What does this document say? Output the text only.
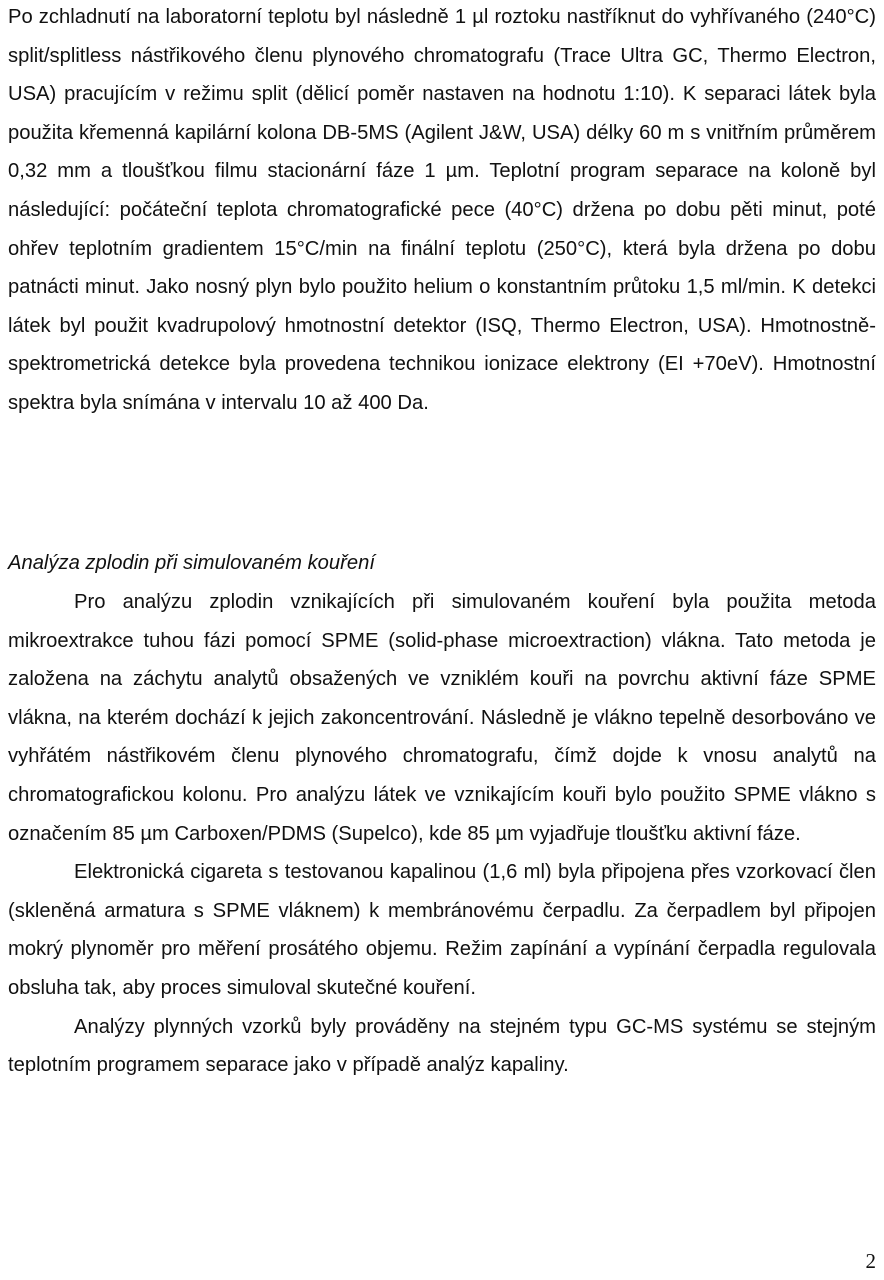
Po zchladnutí na laboratorní teplotu byl následně 1 µl roztoku nastříknut do vyhřívaného (240°C) split/splitless nástřikového členu plynového chromatografu (Trace Ultra GC, Thermo Electron, USA) pracujícím v režimu split (dělicí poměr nastaven na hodnotu 1:10). K separaci látek byla použita křemenná kapilární kolona DB-5MS (Agilent J&W, USA) délky 60 m s vnitřním průměrem 0,32 mm a tloušťkou filmu stacionární fáze 1 µm. Teplotní program separace na koloně byl následující: počáteční teplota chromatografické pece (40°C) držena po dobu pěti minut, poté ohřev teplotním gradientem 15°C/min na finální teplotu (250°C), která byla držena po dobu patnácti minut. Jako nosný plyn bylo použito helium o konstantním průtoku 1,5 ml/min. K detekci látek byl použit kvadrupolový hmotnostní detektor (ISQ, Thermo Electron, USA). Hmotnostně-spektrometrická detekce byla provedena technikou ionizace elektrony (EI +70eV). Hmotnostní spektra byla snímána v intervalu 10 až 400 Da.

Analýza zplodin při simulovaném kouření

Pro analýzu zplodin vznikajících při simulovaném kouření byla použita metoda mikroextrakce tuhou fázi pomocí SPME (solid-phase microextraction) vlákna. Tato metoda je založena na záchytu analytů obsažených ve vzniklém kouři na povrchu aktivní fáze SPME vlákna, na kterém dochází k jejich zakoncentrování. Následně je vlákno tepelně desorbováno ve vyhřátém nástřikovém členu plynového chromatografu, čímž dojde k vnosu analytů na chromatografickou kolonu. Pro analýzu látek ve vznikajícím kouři bylo použito SPME vlákno s označením 85 µm Carboxen/PDMS (Supelco), kde 85 µm vyjadřuje tloušťku aktivní fáze.

Elektronická cigareta s testovanou kapalinou (1,6 ml) byla připojena přes vzorkovací člen (skleněná armatura s SPME vláknem) k membránovému čerpadlu. Za čerpadlem byl připojen mokrý plynoměr pro měření prosátého objemu. Režim zapínání a vypínání čerpadla regulovala obsluha tak, aby proces simuloval skutečné kouření.

Analýzy plynných vzorků byly prováděny na stejném typu GC-MS systému se stejným teplotním programem separace jako v případě analýz kapaliny.

2
